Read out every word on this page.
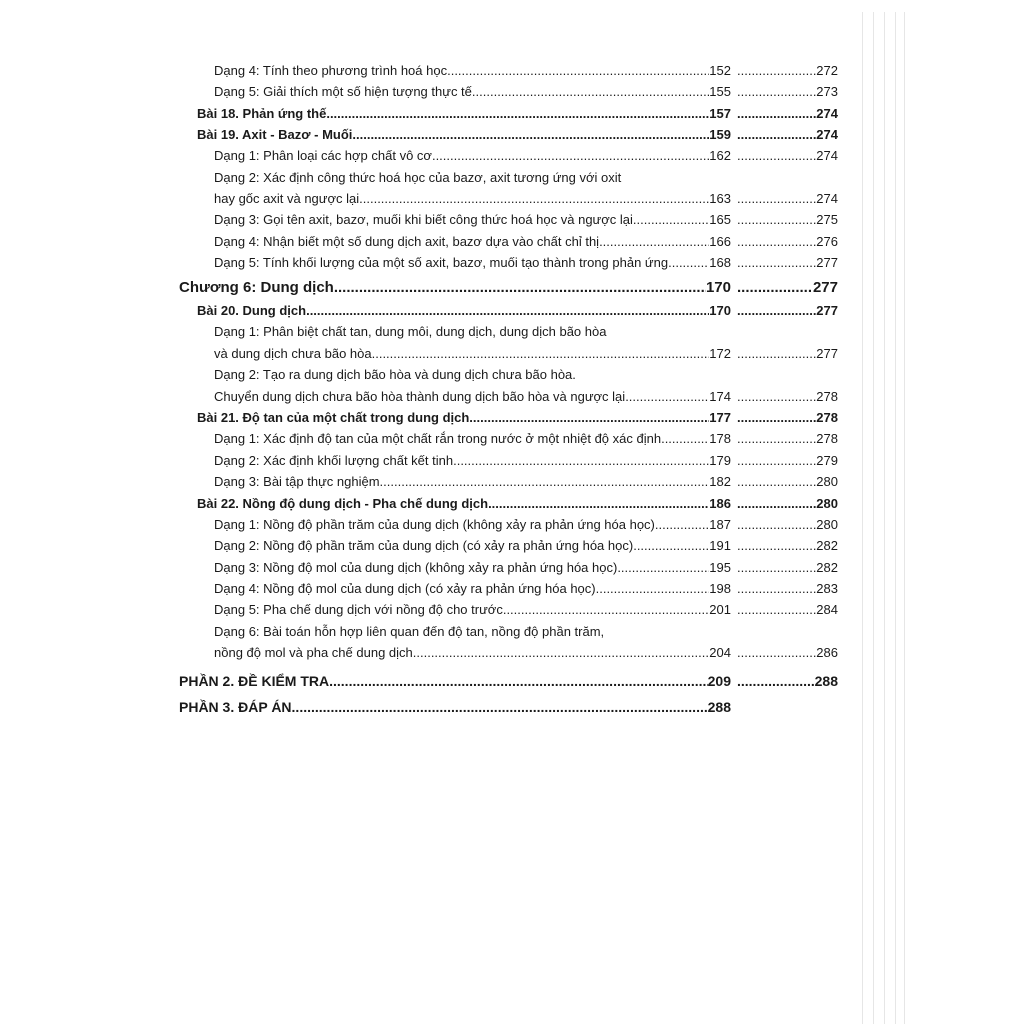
Dạng 4: Tính theo phương trình hoá học .....	152 .....	272
Dạng 5: Giải thích một số hiện tượng thực tế .....	155 .....	273
Bài 18. Phản ứng thế .....	157 .....	274
Bài 19. Axit - Bazơ - Muối .....	159 .....	274
Dạng 1: Phân loại các hợp chất vô cơ .....	162 .....	274
Dạng 2: Xác định công thức hoá học của bazơ, axit tương ứng với oxit
hay gốc axit và ngược lại .....	163 .....	274
Dạng 3: Gọi tên axit, bazơ, muối khi biết công thức hoá học và ngược lại .....	165 .....	275
Dạng 4: Nhận biết một số dung dịch axit, bazơ dựa vào chất chỉ thị .....	166 .....	276
Dạng 5: Tính khối lượng của một số axit, bazơ, muối tạo thành trong phản ứng. .....	168 .....	277
Chương 6: Dung dịch .....	170 .....	277
Bài 20. Dung dịch .....	170 .....	277
Dạng 1: Phân biệt chất tan, dung môi, dung dịch, dung dịch bão hòa
và dung dịch chưa bão hòa .....	172 .....	277
Dạng 2: Tạo ra dung dịch bão hòa và dung dịch chưa bão hòa.
Chuyển dung dịch chưa bão hòa thành dung dịch bão hòa và ngược lại .....	174 .....	278
Bài 21. Độ tan của một chất trong dung dịch .....	177 .....	278
Dạng 1: Xác định độ tan của một chất rắn trong nước ở một nhiệt độ xác định .....	178 .....	278
Dạng 2: Xác định khối lượng chất kết tinh .....	179 .....	279
Dạng 3: Bài tập thực nghiệm .....	182 .....	280
Bài 22. Nồng độ dung dịch - Pha chế dung dịch .....	186 .....	280
Dạng 1: Nồng độ phần trăm của dung dịch (không xảy ra phản ứng hóa học) .....	187 .....	280
Dạng 2: Nồng độ phần trăm của dung dịch (có xảy ra phản ứng hóa học) .....	191 .....	282
Dạng 3: Nồng độ mol của dung dịch (không xảy ra phản ứng hóa học) .....	195 .....	282
Dạng 4: Nồng độ mol của dung dịch (có xảy ra phản ứng hóa học) .....	198 .....	283
Dạng 5: Pha chế dung dịch với nồng độ cho trước .....	201 .....	284
Dạng 6: Bài toán hỗn hợp liên quan đến độ tan, nồng độ phần trăm,
nồng độ mol và pha chế dung dịch .....	204 .....	286
PHẦN 2. ĐỀ KIỂM TRA .....	209 .....	288
PHẦN 3. ĐÁP ÁN .....	288
